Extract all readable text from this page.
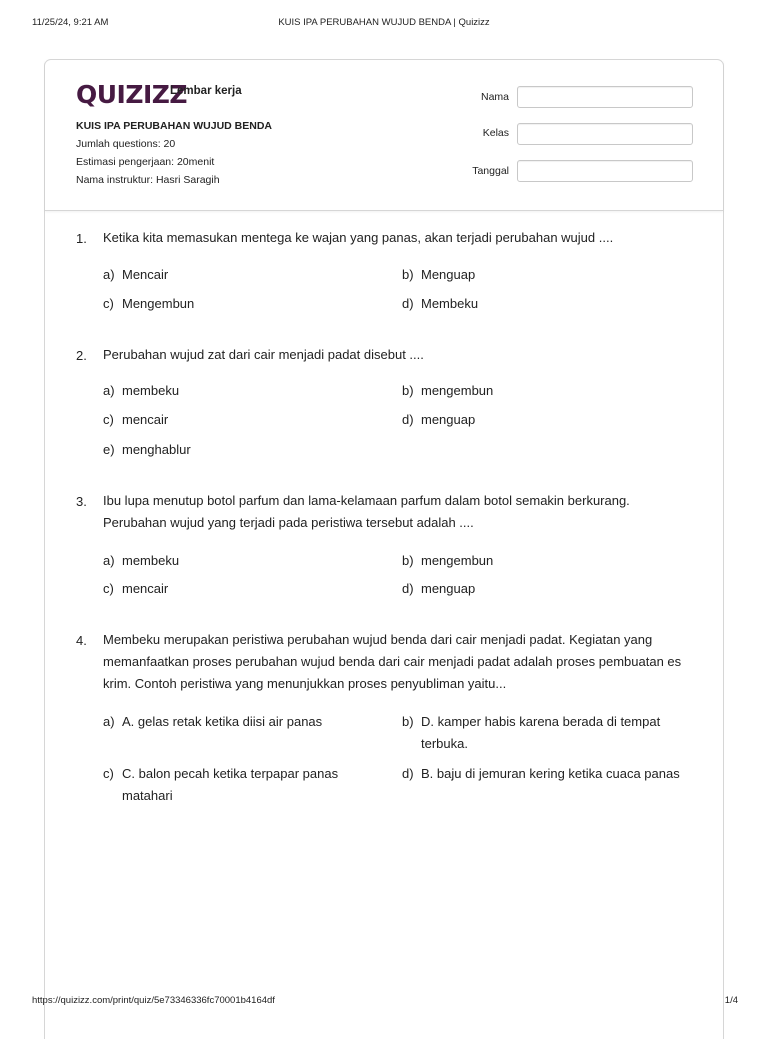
11/25/24, 9:21 AM	KUIS IPA PERUBAHAN WUJUD BENDA | Quizizz
QUIZIZZ
Lembar kerja
KUIS IPA PERUBAHAN WUJUD BENDA
Jumlah questions: 20
Estimasi pengerjaan: 20menit
Nama instruktur: Hasri Saragih
Nama
Kelas
Tanggal
1. Ketika kita memasukan mentega ke wajan yang panas, akan terjadi perubahan wujud ....
a) Mencair	b) Menguap
c) Mengembun	d) Membeku
2. Perubahan wujud zat dari cair menjadi padat disebut ....
a) membeku	b) mengembun
c) mencair	d) menguap
e) menghablur
3. Ibu lupa menutup botol parfum dan lama-kelamaan parfum dalam botol semakin berkurang. Perubahan wujud yang terjadi pada peristiwa tersebut adalah ....
a) membeku	b) mengembun
c) mencair	d) menguap
4. Membeku merupakan peristiwa perubahan wujud benda dari cair menjadi padat. Kegiatan yang memanfaatkan proses perubahan wujud benda dari cair menjadi padat adalah proses pembuatan es krim. Contoh peristiwa yang menunjukkan proses penyubliman yaitu...
a) A. gelas retak ketika diisi air panas	b) D. kamper habis karena berada di tempat terbuka.
c) C. balon pecah ketika terpapar panas matahari
d) B. baju di jemuran kering ketika cuaca panas
https://quizizz.com/print/quiz/5e73346336fc70001b4164df	1/4
